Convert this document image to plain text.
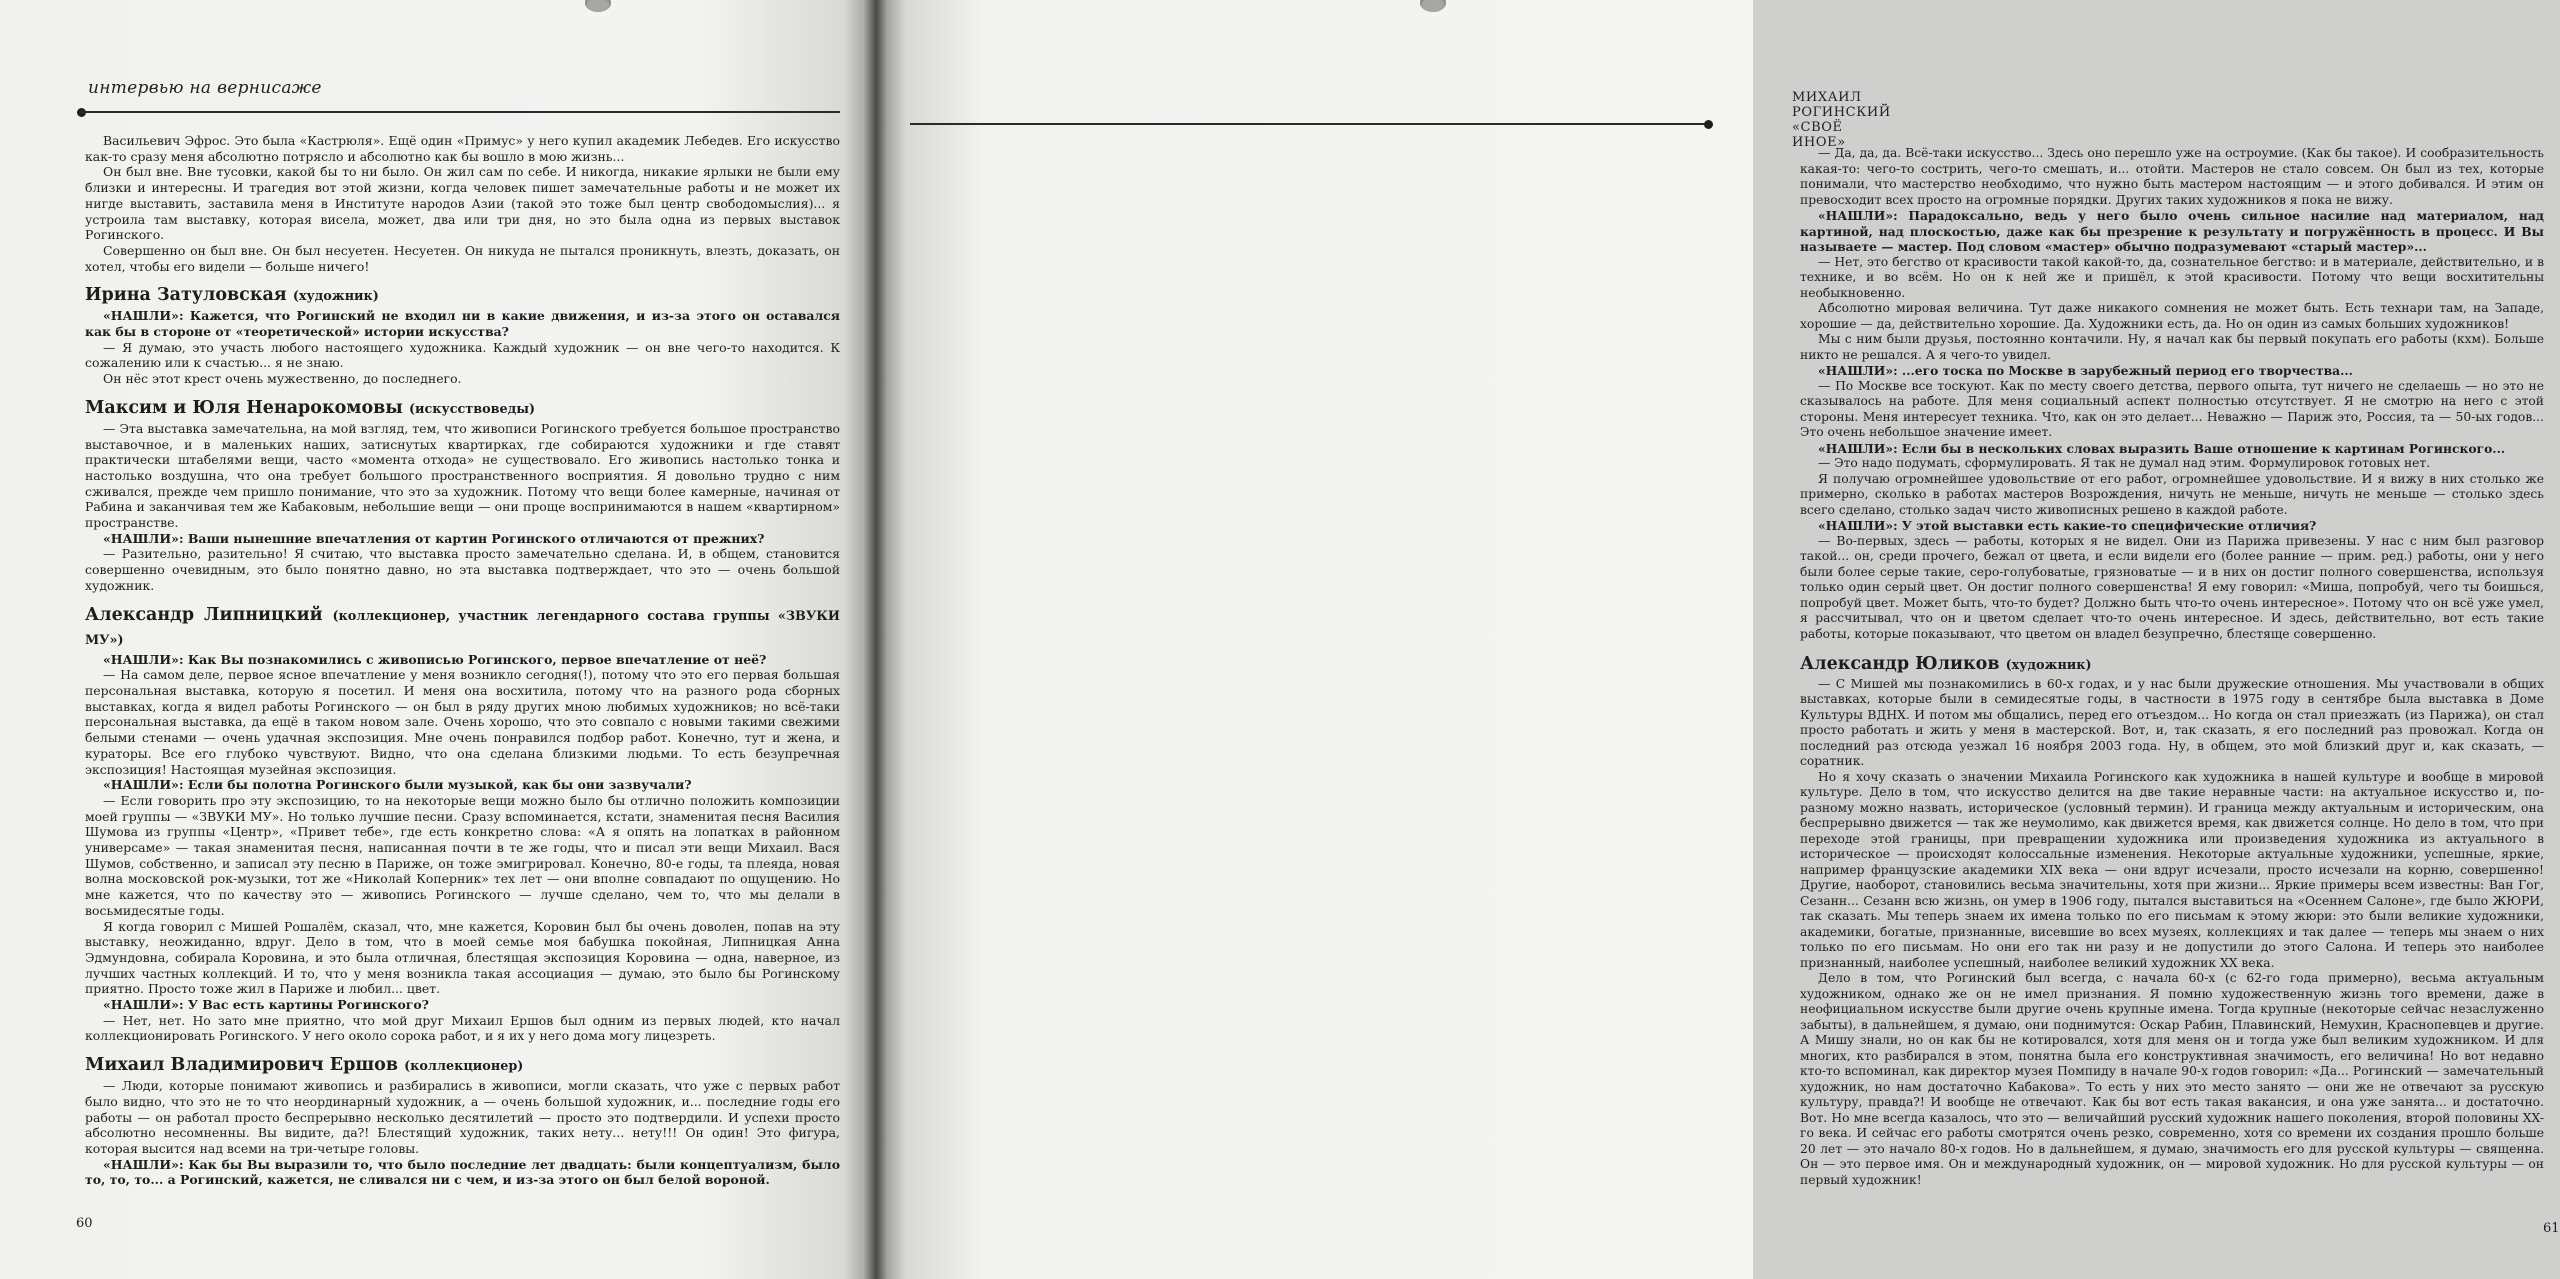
интервью на вернисаже

Васильевич Эфрос. Это была «Кастрюля». Ещё один «Примус» у него купил академик Лебедев. Его искусство как-то сразу меня абсолютно потрясло и абсолютно как бы вошло в мою жизнь...

Он был вне. Вне тусовки, какой бы то ни было. Он жил сам по себе. И никогда, никакие ярлыки не были ему близки и интересны. И трагедия вот этой жизни, когда человек пишет замечательные работы и не может их нигде выставить, заставила меня в Институте народов Азии (такой это тоже был центр свободомыслия)... я устроила там выставку, которая висела, может, два или три дня, но это была одна из первых выставок Рогинского.

Совершенно он был вне. Он был несуетен. Несуетен. Он никуда не пытался проникнуть, влезть, доказать, он хотел, чтобы его видели — больше ничего!

Ирина Затуловская (художник)

«НАШЛИ»: Кажется, что Рогинский не входил ни в какие движения, и из-за этого он оставался как бы в стороне от «теоретической» истории искусства?

— Я думаю, это участь любого настоящего художника. Каждый художник — он вне чего-то находится. К сожалению или к счастью... я не знаю.

Он нёс этот крест очень мужественно, до последнего.

Максим и Юля Ненарокомовы (искусствоведы)

— Эта выставка замечательна, на мой взгляд, тем, что живописи Рогинского требуется большое пространство выставочное, и в маленьких наших, затиснутых квартирках, где собираются художники и где ставят практически штабелями вещи, часто «момента отхода» не существовало. Его живопись настолько тонка и настолько воздушна, что она требует большого пространственного восприятия. Я довольно трудно с ним сживался, прежде чем пришло понимание, что это за художник. Потому что вещи более камерные, начиная от Рабина и заканчивая тем же Кабаковым, небольшие вещи — они проще воспринимаются в нашем «квартирном» пространстве.

«НАШЛИ»: Ваши нынешние впечатления от картин Рогинского отличаются от прежних?

— Разительно, разительно! Я считаю, что выставка просто замечательно сделана. И, в общем, становится совершенно очевидным, это было понятно давно, но эта выставка подтверждает, что это — очень большой художник.

Александр Липницкий (коллекционер, участник легендарного состава группы «ЗВУКИ МУ»)

«НАШЛИ»: Как Вы познакомились с живописью Рогинского, первое впечатление от неё?

— На самом деле, первое ясное впечатление у меня возникло сегодня(!), потому что это его первая большая персональная выставка, которую я посетил. И меня она восхитила, потому что на разного рода сборных выставках, когда я видел работы Рогинского — он был в ряду других мною любимых художников; но всё-таки персональная выставка, да ещё в таком новом зале. Очень хорошо, что это совпало с новыми такими свежими белыми стенами — очень удачная экспозиция. Мне очень понравился подбор работ. Конечно, тут и жена, и кураторы. Все его глубоко чувствуют. Видно, что она сделана близкими людьми. То есть безупречная экспозиция! Настоящая музейная экспозиция.

«НАШЛИ»: Если бы полотна Рогинского были музыкой, как бы они зазвучали?

— Если говорить про эту экспозицию, то на некоторые вещи можно было бы отлично положить композиции моей группы — «ЗВУКИ МУ». Но только лучшие песни. Сразу вспоминается, кстати, знаменитая песня Василия Шумова из группы «Центр», «Привет тебе», где есть конкретно слова: «А я опять на лопатках в районном универсаме» — такая знаменитая песня, написанная почти в те же годы, что и писал эти вещи Михаил. Вася Шумов, собственно, и записал эту песню в Париже, он тоже эмигрировал. Конечно, 80-е годы, та плеяда, новая волна московской рок-музыки, тот же «Николай Коперник» тех лет — они вполне совпадают по ощущению. Но мне кажется, что по качеству это — живопись Рогинского — лучше сделано, чем то, что мы делали в восьмидесятые годы.

Я когда говорил с Мишей Рошалём, сказал, что, мне кажется, Коровин был бы очень доволен, попав на эту выставку, неожиданно, вдруг. Дело в том, что в моей семье моя бабушка покойная, Липницкая Анна Эдмундовна, собирала Коровина, и это была отличная, блестящая экспозиция Коровина — одна, наверное, из лучших частных коллекций. И то, что у меня возникла такая ассоциация — думаю, это было бы Рогинскому приятно. Просто тоже жил в Париже и любил... цвет.

«НАШЛИ»: У Вас есть картины Рогинского?

— Нет, нет. Но зато мне приятно, что мой друг Михаил Ершов был одним из первых людей, кто начал коллекционировать Рогинского. У него около сорока работ, и я их у него дома могу лицезреть.

Михаил Владимирович Ершов (коллекционер)

— Люди, которые понимают живопись и разбирались в живописи, могли сказать, что уже с первых работ было видно, что это не то что неординарный художник, а — очень большой художник, и... последние годы его работы — он работал просто беспрерывно несколько десятилетий — просто это подтвердили. И успехи просто абсолютно несомненны. Вы видите, да?! Блестящий художник, таких нету... нету!!! Он один! Это фигура, которая высится над всеми на три-четыре головы.

«НАШЛИ»: Как бы Вы выразили то, что было последние лет двадцать: были концептуализм, было то, то, то... а Рогинский, кажется, не сливался ни с чем, и из-за этого он был белой вороной.

60
МИХАИЛ РОГИНСКИЙ «СВОЁ ИНОЕ»

— Да, да, да. Всё-таки искусство... Здесь оно перешло уже на остроумие. (Как бы такое). И сообразительность какая-то: чего-то сострить, чего-то смешать, и... отойти. Мастеров не стало совсем. Он был из тех, которые понимали, что мастерство необходимо, что нужно быть мастером настоящим — и этого добивался. И этим он превосходит всех просто на огромные порядки. Других таких художников я пока не вижу.

«НАШЛИ»: Парадоксально, ведь у него было очень сильное насилие над материалом, над картиной, над плоскостью, даже как бы презрение к результату и погружённость в процесс. И Вы называете — мастер. Под словом «мастер» обычно подразумевают «старый мастер»...

— Нет, это бегство от красивости такой какой-то, да, сознательное бегство: и в материале, действительно, и в технике, и во всём. Но он к ней же и пришёл, к этой красивости. Потому что вещи восхитительны необыкновенно.

Абсолютно мировая величина. Тут даже никакого сомнения не может быть. Есть технари там, на Западе, хорошие — да, действительно хорошие. Да. Художники есть, да. Но он один из самых больших художников!

Мы с ним были друзья, постоянно контачили. Ну, я начал как бы первый покупать его работы (кхм). Больше никто не решался. А я чего-то увидел.

«НАШЛИ»: ...его тоска по Москве в зарубежный период его творчества...

— По Москве все тоскуют. Как по месту своего детства, первого опыта, тут ничего не сделаешь — но это не сказывалось на работе. Для меня социальный аспект полностью отсутствует. Я не смотрю на него с этой стороны. Меня интересует техника. Что, как он это делает... Неважно — Париж это, Россия, та — 50-ых годов... Это очень небольшое значение имеет.

«НАШЛИ»: Если бы в нескольких словах выразить Ваше отношение к картинам Рогинского...

— Это надо подумать, сформулировать. Я так не думал над этим. Формулировок готовых нет.

Я получаю огромнейшее удовольствие от его работ, огромнейшее удовольствие. И я вижу в них столько же примерно, сколько в работах мастеров Возрождения, ничуть не меньше, ничуть не меньше — столько здесь всего сделано, столько задач чисто живописных решено в каждой работе.

«НАШЛИ»: У этой выставки есть какие-то специфические отличия?

— Во-первых, здесь — работы, которых я не видел. Они из Парижа привезены. У нас с ним был разговор такой... он, среди прочего, бежал от цвета, и если видели его (более ранние — прим. ред.) работы, они у него были более серые такие, серо-голубоватые, грязноватые — и в них он достиг полного совершенства, используя только один серый цвет. Он достиг полного совершенства! Я ему говорил: «Миша, попробуй, чего ты боишься, попробуй цвет. Может быть, что-то будет? Должно быть что-то очень интересное». Потому что он всё уже умел, я рассчитывал, что он и цветом сделает что-то очень интересное. И здесь, действительно, вот есть такие работы, которые показывают, что цветом он владел безупречно, блестяще совершенно.

Александр Юликов (художник)

— С Мишей мы познакомились в 60-х годах, и у нас были дружеские отношения. Мы участвовали в общих выставках, которые были в семидесятые годы, в частности в 1975 году в сентябре была выставка в Доме Культуры ВДНХ. И потом мы общались, перед его отъездом... Но когда он стал приезжать (из Парижа), он стал просто работать и жить у меня в мастерской. Вот, и, так сказать, я его последний раз провожал. Когда он последний раз отсюда уезжал 16 ноября 2003 года. Ну, в общем, это мой близкий друг и, как сказать, — соратник.

Но я хочу сказать о значении Михаила Рогинского как художника в нашей культуре и вообще в мировой культуре. Дело в том, что искусство делится на две такие неравные части: на актуальное искусство и, по-разному можно назвать, историческое (условный термин). И граница между актуальным и историческим, она беспрерывно движется — так же неумолимо, как движется время, как движется солнце. Но дело в том, что при переходе этой границы, при превращении художника или произведения художника из актуального в историческое — происходят колоссальные изменения. Некоторые актуальные художники, успешные, яркие, например французские академики XIX века — они вдруг исчезали, просто исчезали на корню, совершенно! Другие, наоборот, становились весьма значительны, хотя при жизни... Яркие примеры всем известны: Ван Гог, Сезанн... Сезанн всю жизнь, он умер в 1906 году, пытался выставиться на «Осеннем Салоне», где было ЖЮРИ, так сказать. Мы теперь знаем их имена только по его письмам к этому жюри: это были великие художники, академики, богатые, признанные, висевшие во всех музеях, коллекциях и так далее — теперь мы знаем о них только по его письмам. Но они его так ни разу и не допустили до этого Салона. И теперь это наиболее признанный, наиболее успешный, наиболее великий художник XX века.

Дело в том, что Рогинский был всегда, с начала 60-х (с 62-го года примерно), весьма актуальным художником, однако же он не имел признания. Я помню художественную жизнь того времени, даже в неофициальном искусстве были другие очень крупные имена. Тогда крупные (некоторые сейчас незаслуженно забыты), в дальнейшем, я думаю, они поднимутся: Оскар Рабин, Плавинский, Немухин, Краснопевцев и другие. А Мишу знали, но он как бы не котировался, хотя для меня он и тогда уже был великим художником. И для многих, кто разбирался в этом, понятна была его конструктивная значимость, его величина! Но вот недавно кто-то вспоминал, как директор музея Помпиду в начале 90-х годов говорил: «Да... Рогинский — замечательный художник, но нам достаточно Кабакова». То есть у них это место занято — они же не отвечают за русскую культуру, правда?! И вообще не отвечают. Как бы вот есть такая вакансия, и она уже занята... и достаточно. Вот. Но мне всегда казалось, что это — величайший русский художник нашего поколения, второй половины XX-го века. И сейчас его работы смотрятся очень резко, современно, хотя со времени их создания прошло больше 20 лет — это начало 80-х годов. Но в дальнейшем, я думаю, значимость его для русской культуры — священна. Он — это первое имя. Он и международный художник, он — мировой художник. Но для русской культуры — он первый художник!

61
